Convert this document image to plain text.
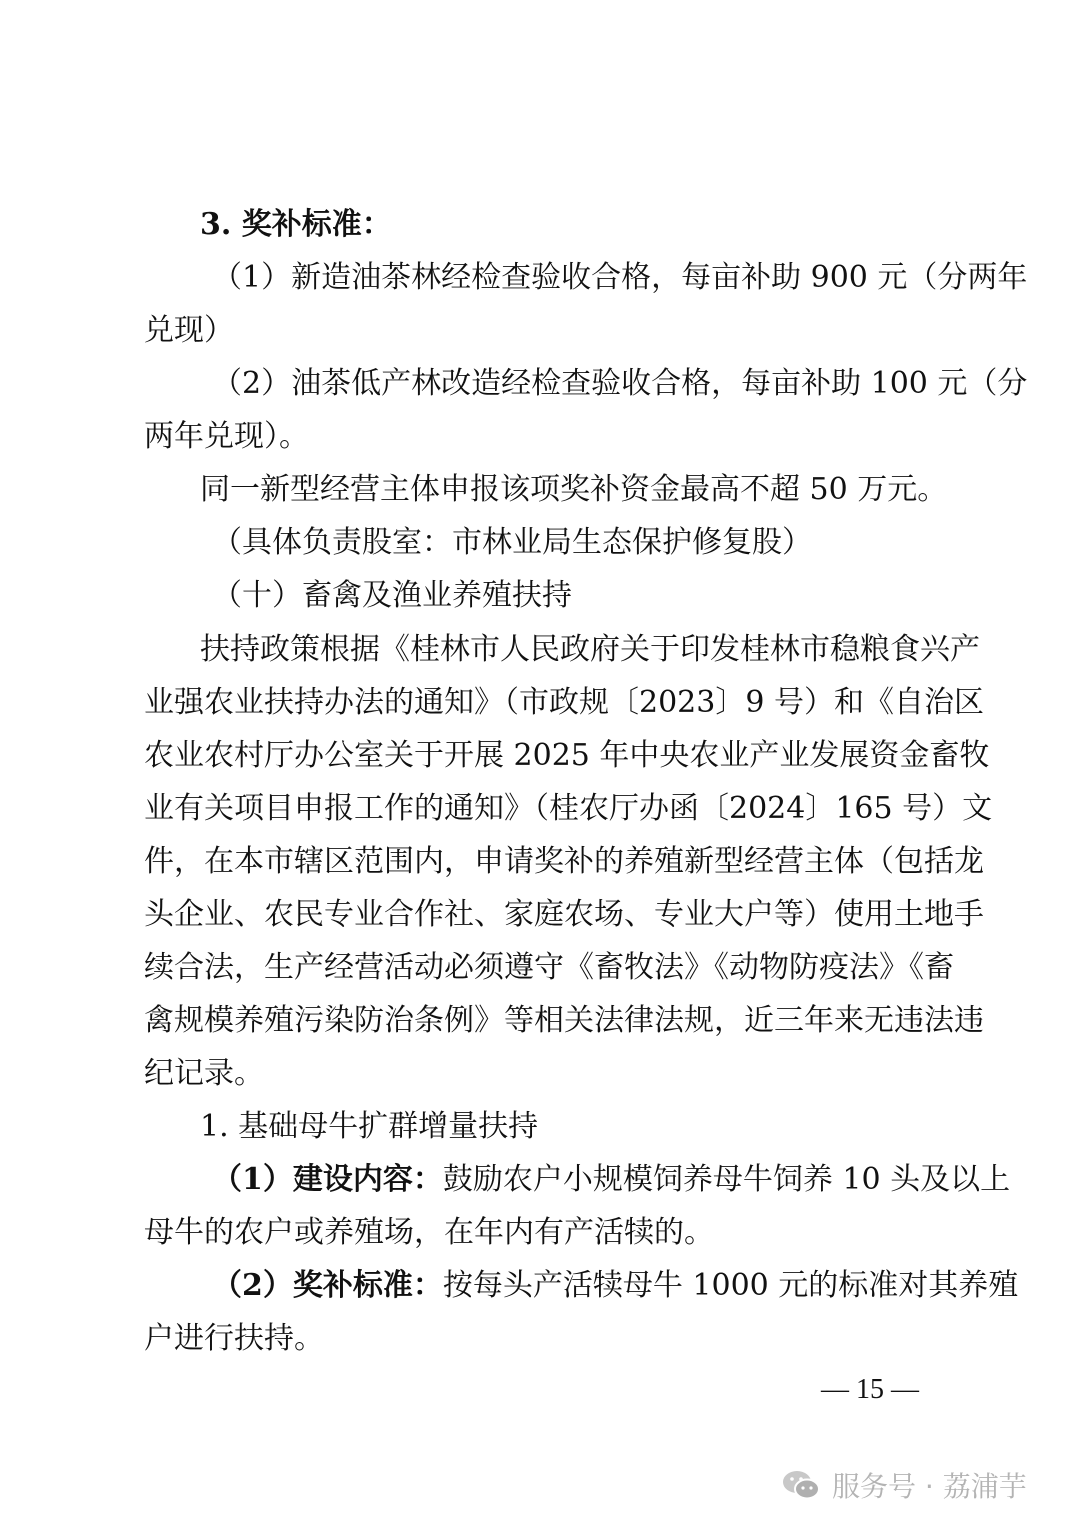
3. 奖补标准：
（1）新造油茶林经检查验收合格，每亩补助 900 元（分两年
兑现）
（2）油茶低产林改造经检查验收合格，每亩补助 100 元（分
两年兑现）。
同一新型经营主体申报该项奖补资金最高不超 50 万元。
（具体负责股室：市林业局生态保护修复股）
（十）畜禽及渔业养殖扶持
扶持政策根据《桂林市人民政府关于印发桂林市稳粮食兴产
业强农业扶持办法的通知》（市政规〔2023〕9 号）和《自治区
农业农村厅办公室关于开展 2025 年中央农业产业发展资金畜牧
业有关项目申报工作的通知》（桂农厅办函〔2024〕165 号）文
件，在本市辖区范围内，申请奖补的养殖新型经营主体（包括龙
头企业、农民专业合作社、家庭农场、专业大户等）使用土地手
续合法，生产经营活动必须遵守《畜牧法》《动物防疫法》《畜
禽规模养殖污染防治条例》等相关法律法规，近三年来无违法违
纪记录。
1. 基础母牛扩群增量扶持
（1）建设内容：鼓励农户小规模饲养母牛饲养 10 头及以上
母牛的农户或养殖场，在年内有产活犊的。
（2）奖补标准：按每头产活犊母牛 1000 元的标准对其养殖
户进行扶持。
— 15 —
服务号 · 荔浦芋
